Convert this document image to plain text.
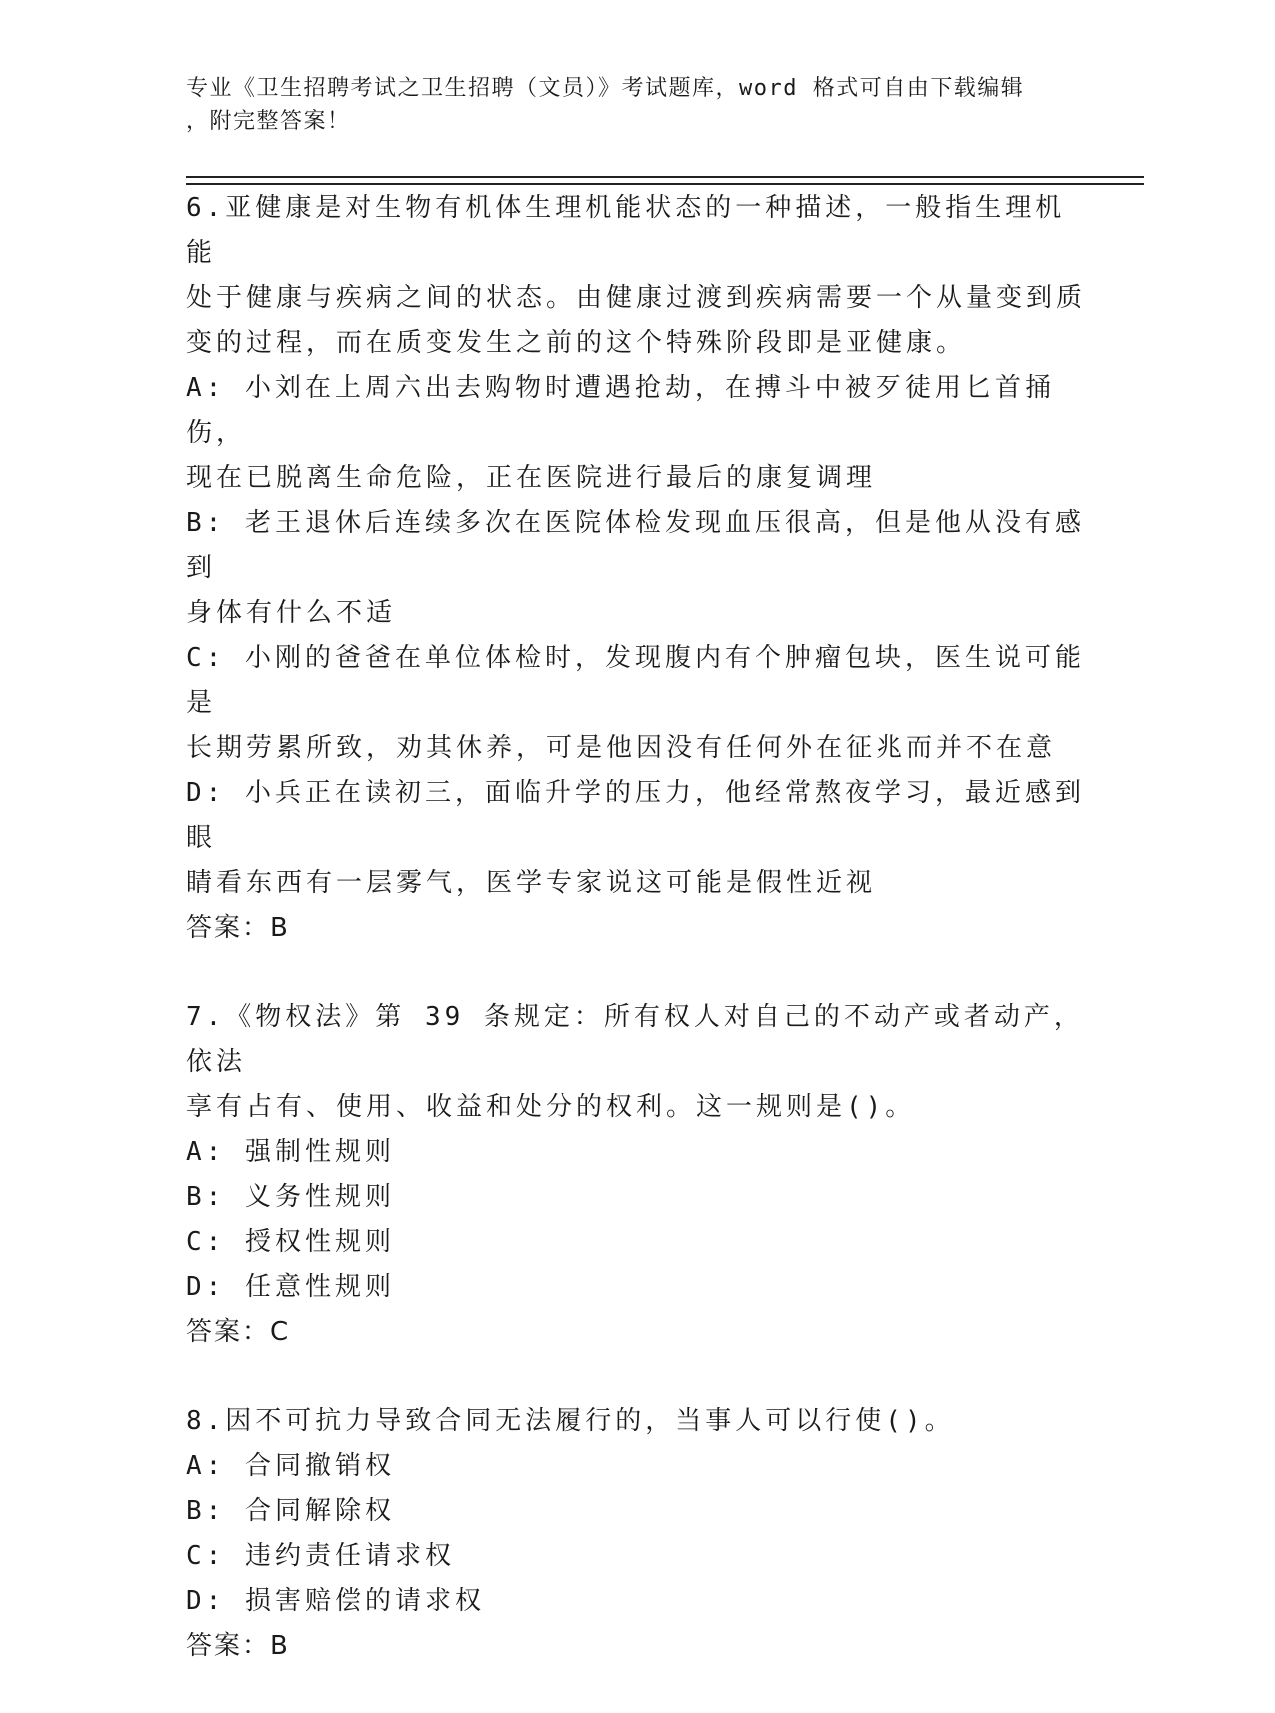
专业《卫生招聘考试之卫生招聘（文员）》考试题库，word 格式可自由下载编辑
，附完整答案！
6.亚健康是对生物有机体生理机能状态的一种描述，一般指生理机能
处于健康与疾病之间的状态。由健康过渡到疾病需要一个从量变到质
变的过程，而在质变发生之前的这个特殊阶段即是亚健康。
A: 小刘在上周六出去购物时遭遇抢劫，在搏斗中被歹徒用匕首捅伤，
现在已脱离生命危险，正在医院进行最后的康复调理
B: 老王退休后连续多次在医院体检发现血压很高，但是他从没有感到
身体有什么不适
C: 小刚的爸爸在单位体检时，发现腹内有个肿瘤包块，医生说可能是
长期劳累所致，劝其休养，可是他因没有任何外在征兆而并不在意
D: 小兵正在读初三，面临升学的压力，他经常熬夜学习，最近感到眼
睛看东西有一层雾气，医学专家说这可能是假性近视
答案：B
7.《物权法》第 39 条规定：所有权人对自己的不动产或者动产，依法
享有占有、使用、收益和处分的权利。这一规则是()。
A: 强制性规则
B: 义务性规则
C: 授权性规则
D: 任意性规则
答案：C
8.因不可抗力导致合同无法履行的，当事人可以行使()。
A: 合同撤销权
B: 合同解除权
C: 违约责任请求权
D: 损害赔偿的请求权
答案：B
